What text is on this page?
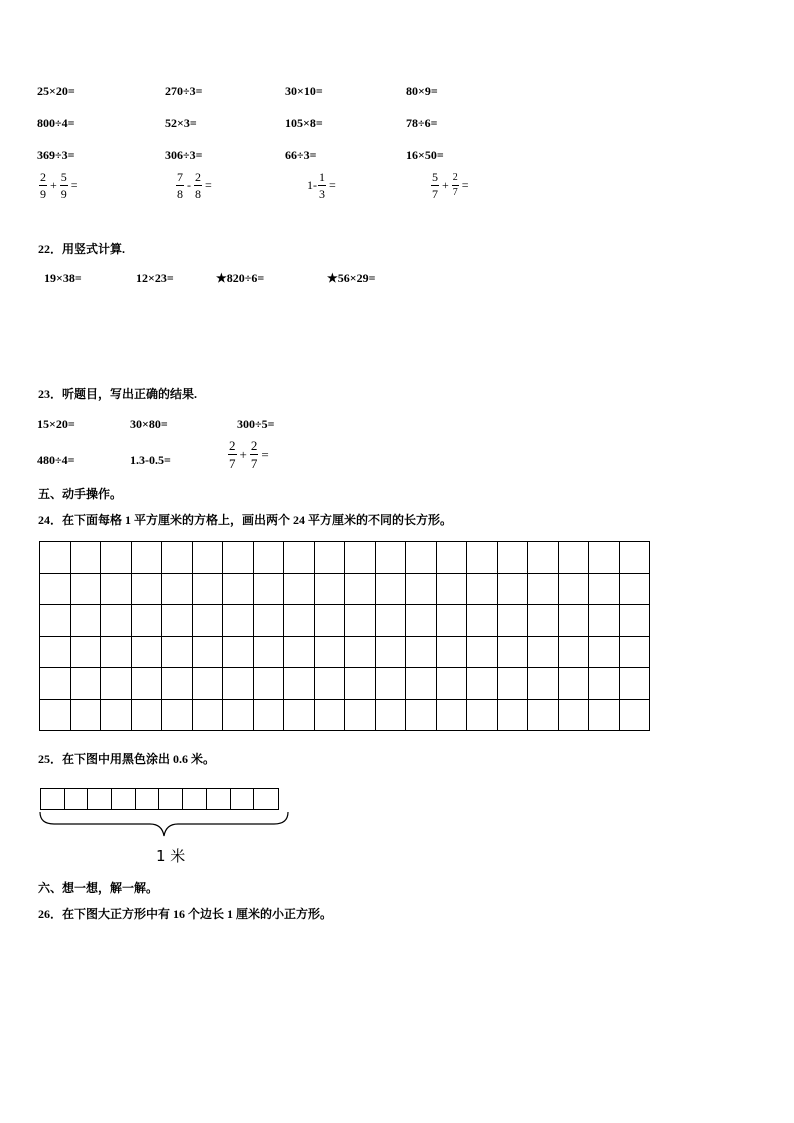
25×20=	270÷3=	30×10=	80×9=
800÷4=	52×3=	105×8=	78÷6=
369÷3=	306÷3=	66÷3=	16×50=
$\frac{2}{9} + \frac{5}{9}$ =	$\frac{7}{8} - \frac{2}{8}$ =	$1- \frac{1}{3}$ =	$\frac{5}{7} + \frac{2}{7}$ =
22．用竖式计算.
19×38=	12×23=	★820÷6=	★56×29=
23．听题目，写出正确的结果.
15×20=	30×80=	300÷5=
480÷4=	1.3-0.5=	$\frac{2}{7} + \frac{2}{7}$ =
五、动手操作。
24．在下面每格 1 平方厘米的方格上，画出两个 24 平方厘米的不同的长方形。

25．在下图中用黑色涂出 0.6 米。
1 米
六、想一想，解一解。
26．在下图大正方形中有 16 个边长 1 厘米的小正方形。
